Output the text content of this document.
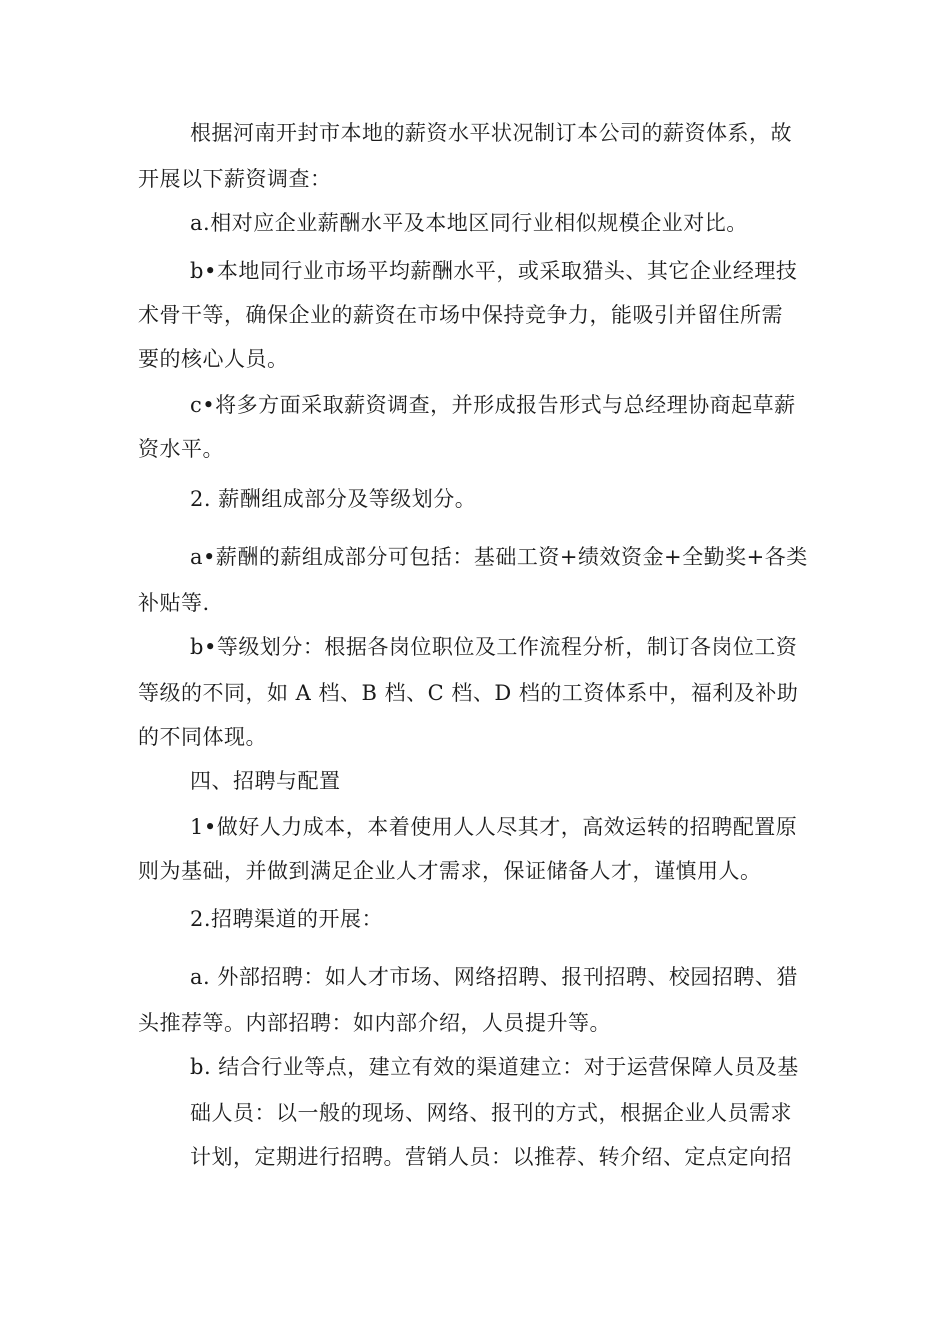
根据河南开封市本地的薪资水平状况制订本公司的薪资体系，故

开展以下薪资调查：

a.相对应企业薪酬水平及本地区同行业相似规模企业对比。

b•本地同行业市场平均薪酬水平，或采取猎头、其它企业经理技

术骨干等，确保企业的薪资在市场中保持竞争力，能吸引并留住所需

要的核心人员。

c•将多方面采取薪资调查，并形成报告形式与总经理协商起草薪

资水平。

2. 薪酬组成部分及等级划分。

a•薪酬的薪组成部分可包括：基础工资+绩效资金+全勤奖+各类

补贴等.

b•等级划分：根据各岗位职位及工作流程分析，制订各岗位工资

等级的不同，如 A 档、B 档、C 档、D 档的工资体系中，福利及补助

的不同体现。

四、招聘与配置

1•做好人力成本，本着使用人人尽其才，高效运转的招聘配置原

则为基础，并做到满足企业人才需求，保证储备人才，谨慎用人。

2.招聘渠道的开展：

a. 外部招聘：如人才市场、网络招聘、报刊招聘、校园招聘、猎

头推荐等。内部招聘：如内部介绍，人员提升等。

b. 结合行业等点，建立有效的渠道建立：对于运营保障人员及基

础人员：以一般的现场、网络、报刊的方式，根据企业人员需求

计划，定期进行招聘。营销人员：以推荐、转介绍、定点定向招
